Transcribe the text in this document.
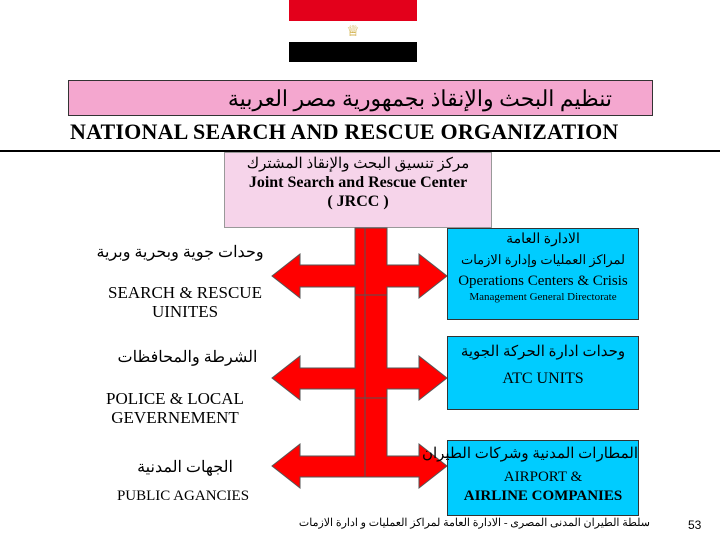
♕
تنظيم البحث والإنقاذ بجمهورية مصر العربية
NATIONAL SEARCH AND RESCUE ORGANIZATION
مركز تنسيق البحث والإنقاذ المشترك
Joint Search and Rescue Center
( JRCC )
وحدات جوية وبحرية وبرية
SEARCH & RESCUE
UINITES
الشرطة والمحافظات
POLICE & LOCAL
GEVERNEMENT
الجهات المدنية
PUBLIC AGANCIES
الادارة العامة
لمراكز العمليات وإدارة الازمات
Operations Centers & Crisis
Management General Directorate
وحدات ادارة الحركة الجوية
ATC UNITS
المطارات المدنية وشركات الطيران
AIRPORT &
AIRLINE COMPANIES
سلطة الطيران المدنى المصرى - الادارة العامة لمراكز العمليات و ادارة الازمات	53
